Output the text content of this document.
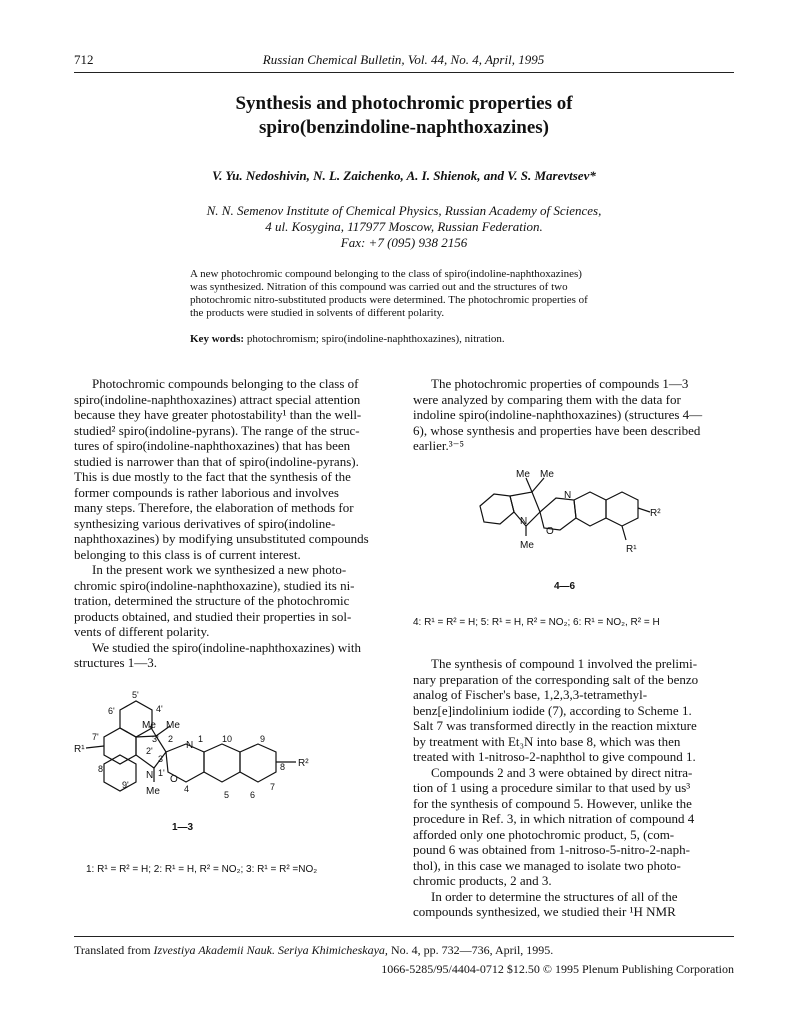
712	Russian Chemical Bulletin, Vol. 44, No. 4, April, 1995
Synthesis and photochromic properties of
spiro(benzindoline-naphthoxazines)
V. Yu. Nedoshivin, N. L. Zaichenko, A. I. Shienok, and V. S. Marevtsev*
N. N. Semenov Institute of Chemical Physics, Russian Academy of Sciences,
4 ul. Kosygina, 117977 Moscow, Russian Federation.
Fax: +7 (095) 938 2156
A new photochromic compound belonging to the class of spiro(indoline-naphthoxazines)
was synthesized. Nitration of this compound was carried out and the structures of two
photochromic nitro-substituted products were determined. The photochromic properties of
the products were studied in solvents of different polarity.
Key words: photochromism; spiro(indoline-naphthoxazines), nitration.

Photochromic compounds belonging to the class of

spiro(indoline-naphthoxazines) attract special attention

because they have greater photostability¹ than the well-

studied² spiro(indoline-pyrans). The range of the struc-

tures of spiro(indoline-naphthoxazines) that has been

studied is narrower than that of spiro(indoline-pyrans).

This is due mostly to the fact that the synthesis of the

former compounds is rather laborious and involves

many steps. Therefore, the elaboration of methods for

synthesizing various derivatives of spiro(indoline-

naphthoxazines) by modifying unsubstituted compounds

belonging to this class is of current interest.

In the present work we synthesized a new photo-

chromic spiro(indoline-naphthoxazine), studied its ni-

tration, determined the structure of the photochromic

products obtained, and studied their properties in sol-

vents of different polarity.

We studied the spiro(indoline-naphthoxazines) with

structures 1—3.

5'
6'	4'
Me Me
R¹
7'	3' 2
N
1 10	9
2'
3	R²
8
8'
N 1'
O
9'	7
4
Me	5 6
1—3
1: R¹ = R² = H; 2: R¹ = H, R² = NO₂; 3: R¹ = R² =NO₂

The photochromic properties of compounds 1—3

were analyzed by comparing them with the data for

indoline spiro(indoline-naphthoxazines) (structures 4—

6), whose synthesis and properties have been described

earlier.³⁻⁵

Me Me
N
R²
N
O
Me	R¹
4—6
4: R¹ = R² = H; 5: R¹ = H, R² = NO₂; 6: R¹ = NO₂, R² = H

The synthesis of compound 1 involved the prelimi-

nary preparation of the corresponding salt of the benzo

analog of Fischer's base, 1,2,3,3-tetramethyl-

benz[e]indolinium iodide (7), according to Scheme 1.

Salt 7 was transformed directly in the reaction mixture

by treatment with Et₃N into base 8, which was then

treated with 1-nitroso-2-naphthol to give compound 1.

Compounds 2 and 3 were obtained by direct nitra-

tion of 1 using a procedure similar to that used by us³

for the synthesis of compound 5. However, unlike the

procedure in Ref. 3, in which nitration of compound 4

afforded only one photochromic product, 5, (com-

pound 6 was obtained from 1-nitroso-5-nitro-2-naph-

thol), in this case we managed to isolate two photo-

chromic products, 2 and 3.

In order to determine the structures of all of the

compounds synthesized, we studied their ¹H NMR

Translated from Izvestiya Akademii Nauk. Seriya Khimicheskaya, No. 4, pp. 732—736, April, 1995.
1066-5285/95/4404-0712 $12.50 © 1995 Plenum Publishing Corporation
